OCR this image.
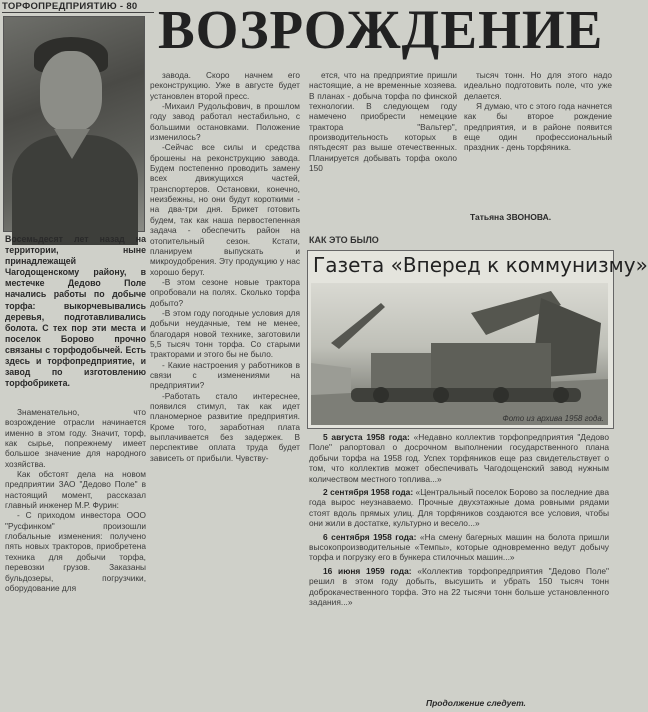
ТОРФОПРЕДПРИЯТИЮ - 80 ВОЗРОЖДЕНИЕ
Восемьдесят лет назад на территории, ныне принадлежащей Чагодощенскому району, в местечке Дедово Поле начались работы по добыче торфа: выкорчевывались деревья, подготавливались болота. С тех пор эти места и поселок Борово прочно связаны с торфодобычей. Есть здесь и торфопредприятие, и завод по изготовлению торфобрикета.

Знаменательно, что возрождение отрасли начинается именно в этом году. Значит, торф, как сырье, попрежнему имеет большое значение для народного хозяйства.

Как обстоят дела на новом предприятии ЗАО "Дедово Поле" в настоящий момент, рассказал главный инженер М.Р. Фурин:

- С приходом инвестора ООО "Русфинком" произошли глобальные изменения: получено пять новых тракторов, приобретена техника для добычи торфа, перевозки грузов. Заказаны бульдозеры, погрузчики, оборудование для

завода. Скоро начнем его реконструкцию. Уже в августе будет установлен второй пресс.

-Михаил Рудольфович, в прошлом году завод работал нестабильно, с большими остановками. Положение изменилось?

-Сейчас все силы и средства брошены на реконструкцию завода. Будем постепенно проводить замену всех движущихся частей, транспортеров. Остановки, конечно, неизбежны, но они будут короткими - на два-три дня. Брикет готовить будем, так как наша первостепенная задача - обеспечить район на отопительный сезон. Кстати, планируем выпускать и микроудобрения. Эту продукцию у нас хорошо берут.

-В этом сезоне новые трактора опробовали на полях. Сколько торфа добыто?

-В этом году погодные условия для добычи неудачные, тем не менее, благодаря новой технике, заготовили 5,5 тысяч тонн торфа. Со старыми тракторами и этого бы не было.

- Какие настроения у работников в связи с изменениями на предприятии?

-Работать стало интереснее, появился стимул, так как идет планомерное развитие предприятия. Кроме того, заработная плата выплачивается без задержек. В перспективе оплата труда будет зависеть от прибыли. Чувству-

ется, что на предприятие пришли настоящие, а не временные хозяева. В планах - добыча торфа по финской технологии. В следующем году намечено приобрести немецкие трактора "Вальтер", производительность которых в пятьдесят раз выше отечественных. Планируется добывать торфа около 150

тысяч тонн. Но для этого надо идеально подготовить поле, что уже делается.

Я думаю, что с этого года начнется как бы второе рождение предприятия, и в районе появится еще один профессиональный праздник - день торфяника.

Татьяна ЗВОНОВА.
КАК ЭТО БЫЛО
Газета «Вперед к коммунизму»
Фото из архива 1958 года.

5 августа 1958 года: «Недавно коллектив торфопредприятия "Дедово Поле" рапортовал о досрочном выполнении государственного плана добычи торфа на 1958 год. Успех торфяников еще раз свидетельствует о том, что коллектив может обеспечивать Чагодощенский завод нужным количеством местного топлива...»

2 сентября 1958 года: «Центральный поселок Борово за последние два года вырос неузнаваемо. Прочные двухэтажные дома ровными рядами стоят вдоль прямых улиц. Для торфяников создаются все условия, чтобы они жили в достатке, культурно и весело...»

6 сентября 1958 года: «На смену багерных машин на болота пришли высокопроизводительные «Темпы», которые одновременно ведут добычу торфа и погрузку его в бункера стилочных машин...»

16 июня 1959 года: «Коллектив торфопредприятия "Дедово Поле" решил в этом году добыть, высушить и убрать 150 тысяч тонн доброкачественного торфа. Это на 22 тысячи тонн больше установленного задания...»

Продолжение следует.
